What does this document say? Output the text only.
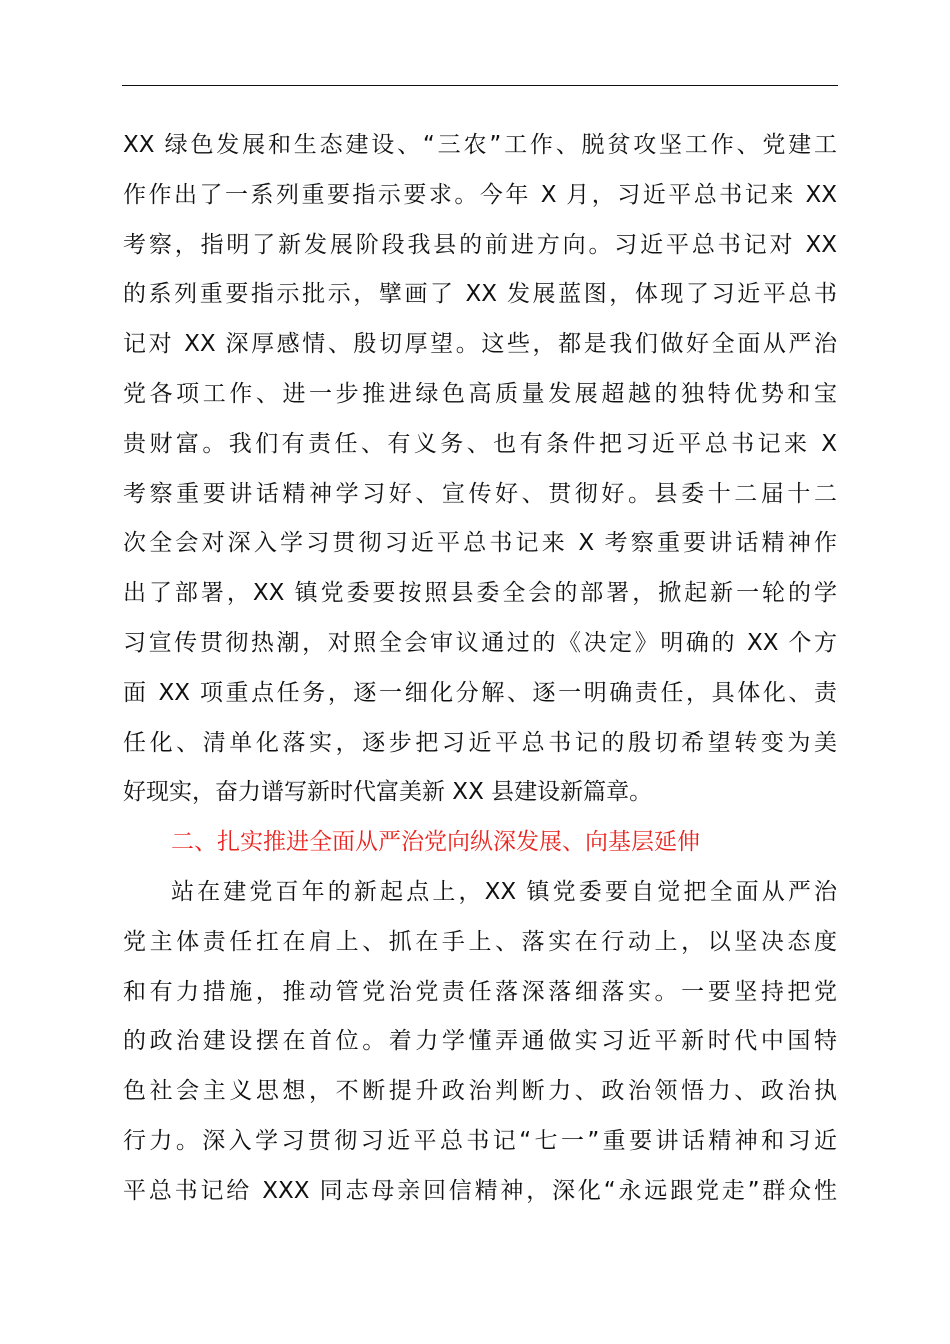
XX 绿色发展和生态建设、“三农”工作、脱贫攻坚工作、党建工
作作出了一系列重要指示要求。今年 X 月，习近平总书记来 XX
考察，指明了新发展阶段我县的前进方向。习近平总书记对 XX
的系列重要指示批示，擘画了 XX 发展蓝图，体现了习近平总书
记对 XX 深厚感情、殷切厚望。这些，都是我们做好全面从严治
党各项工作、进一步推进绿色高质量发展超越的独特优势和宝
贵财富。我们有责任、有义务、也有条件把习近平总书记来 X
考察重要讲话精神学习好、宣传好、贯彻好。县委十二届十二
次全会对深入学习贯彻习近平总书记来 X 考察重要讲话精神作
出了部署，XX 镇党委要按照县委全会的部署，掀起新一轮的学
习宣传贯彻热潮，对照全会审议通过的《决定》明确的 XX 个方
面 XX 项重点任务，逐一细化分解、逐一明确责任，具体化、责
任化、清单化落实，逐步把习近平总书记的殷切希望转变为美
好现实，奋力谱写新时代富美新 XX 县建设新篇章。
二、扎实推进全面从严治党向纵深发展、向基层延伸
站在建党百年的新起点上，XX 镇党委要自觉把全面从严治
党主体责任扛在肩上、抓在手上、落实在行动上，以坚决态度
和有力措施，推动管党治党责任落深落细落实。一要坚持把党
的政治建设摆在首位。着力学懂弄通做实习近平新时代中国特
色社会主义思想，不断提升政治判断力、政治领悟力、政治执
行力。深入学习贯彻习近平总书记“七一”重要讲话精神和习近
平总书记给 XXX 同志母亲回信精神，深化“永远跟党走”群众性
